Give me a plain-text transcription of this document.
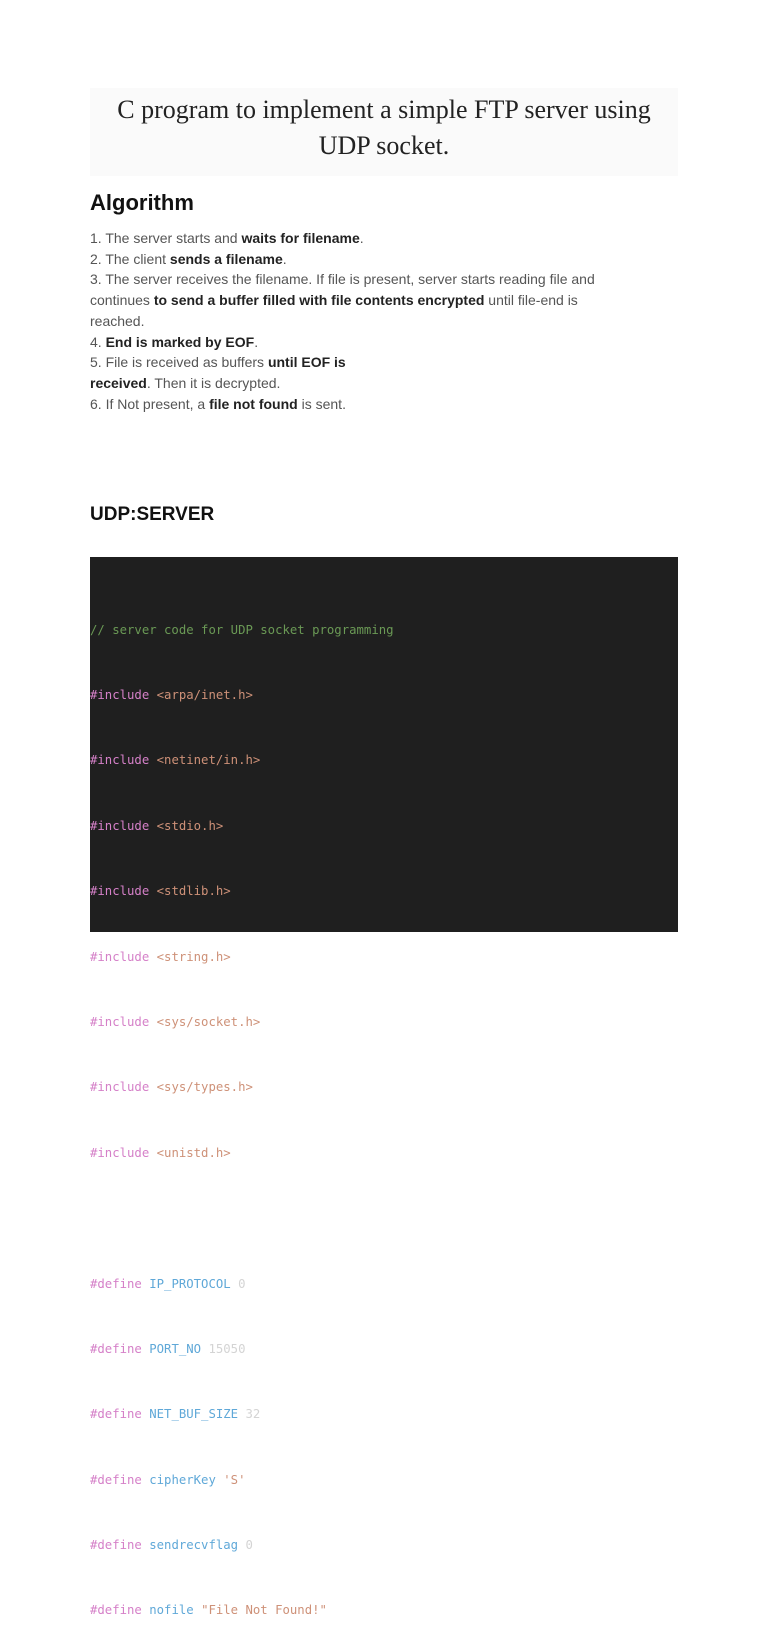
C program to implement a simple FTP server using
UDP socket.
Algorithm
1. The server starts and waits for filename.
2. The client sends a filename.
3. The server receives the filename. If file is present, server starts reading file and
continues to send a buffer filled with file contents encrypted until file-end is
reached.
4. End is marked by EOF.
5. File is received as buffers until EOF is
received. Then it is decrypted.
6. If Not present, a file not found is sent.
UDP:SERVER

// server code for UDP socket programming

#include <arpa/inet.h>

#include <netinet/in.h>

#include <stdio.h>

#include <stdlib.h>

#include <string.h>

#include <sys/socket.h>

#include <sys/types.h>

#include <unistd.h>

#define IP_PROTOCOL 0

#define PORT_NO 15050

#define NET_BUF_SIZE 32

#define cipherKey 'S'

#define sendrecvflag 0

#define nofile "File Not Found!"
